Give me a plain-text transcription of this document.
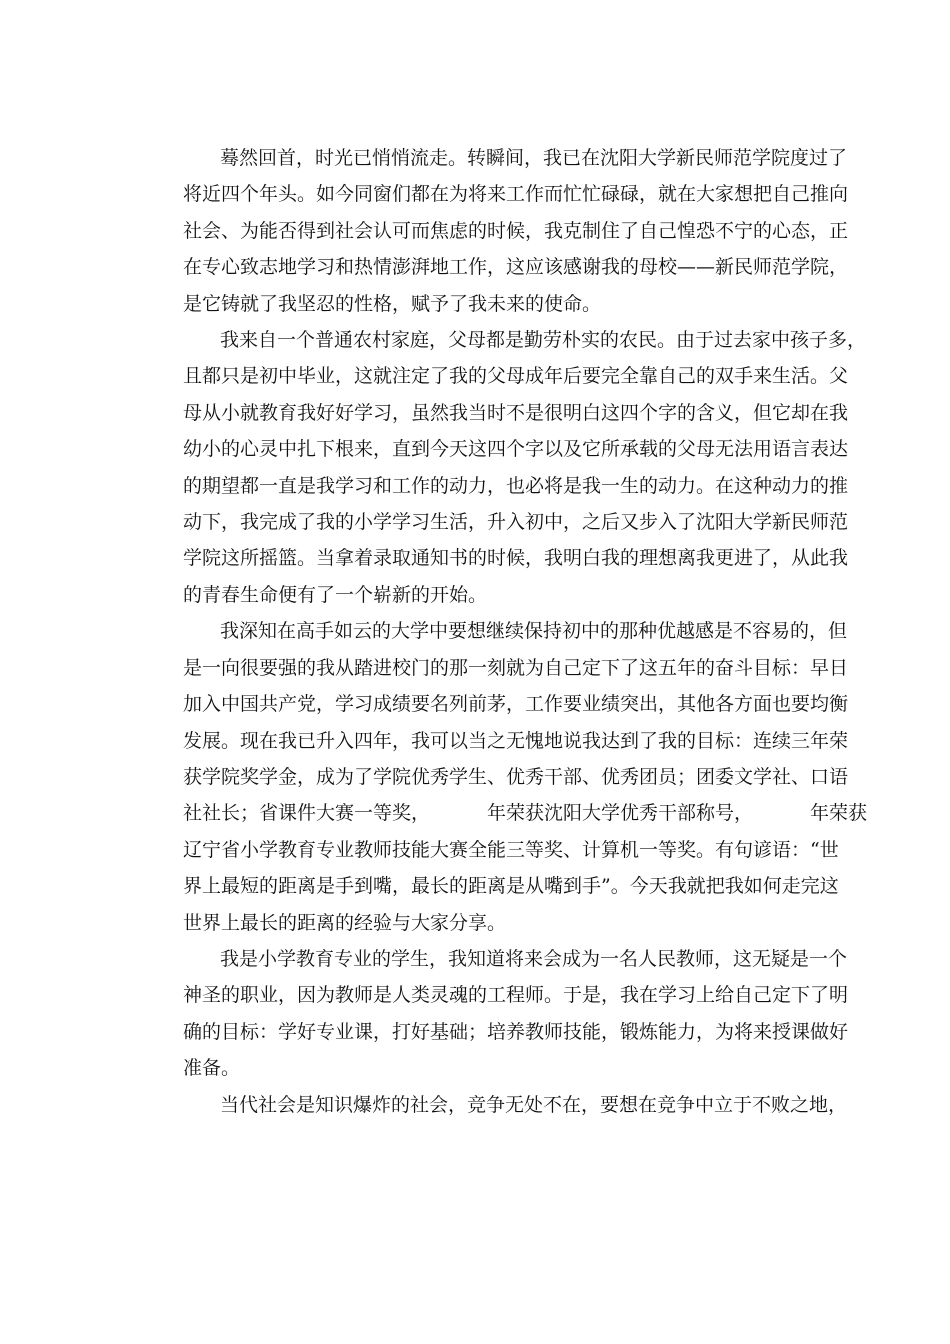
蓦然回首，时光已悄悄流走。转瞬间，我已在沈阳大学新民师范学院度过了
将近四个年头。如今同窗们都在为将来工作而忙忙碌碌，就在大家想把自己推向
社会、为能否得到社会认可而焦虑的时候，我克制住了自己惶恐不宁的心态，正
在专心致志地学习和热情澎湃地工作，这应该感谢我的母校——新民师范学院，
是它铸就了我坚忍的性格，赋予了我未来的使命。
我来自一个普通农村家庭，父母都是勤劳朴实的农民。由于过去家中孩子多，
且都只是初中毕业，这就注定了我的父母成年后要完全靠自己的双手来生活。父
母从小就教育我好好学习，虽然我当时不是很明白这四个字的含义，但它却在我
幼小的心灵中扎下根来，直到今天这四个字以及它所承载的父母无法用语言表达
的期望都一直是我学习和工作的动力，也必将是我一生的动力。在这种动力的推
动下，我完成了我的小学学习生活，升入初中，之后又步入了沈阳大学新民师范
学院这所摇篮。当拿着录取通知书的时候，我明白我的理想离我更进了，从此我
的青春生命便有了一个崭新的开始。
我深知在高手如云的大学中要想继续保持初中的那种优越感是不容易的，但
是一向很要强的我从踏进校门的那一刻就为自己定下了这五年的奋斗目标：早日
加入中国共产党，学习成绩要名列前茅，工作要业绩突出，其他各方面也要均衡
发展。现在我已升入四年，我可以当之无愧地说我达到了我的目标：连续三年荣
获学院奖学金，成为了学院优秀学生、优秀干部、优秀团员；团委文学社、口语
社社长；省课件大赛一等奖，	年荣获沈阳大学优秀干部称号，	年荣获
辽宁省小学教育专业教师技能大赛全能三等奖、计算机一等奖。有句谚语：“世
界上最短的距离是手到嘴，最长的距离是从嘴到手”。今天我就把我如何走完这
世界上最长的距离的经验与大家分享。
我是小学教育专业的学生，我知道将来会成为一名人民教师，这无疑是一个
神圣的职业，因为教师是人类灵魂的工程师。于是，我在学习上给自己定下了明
确的目标：学好专业课，打好基础；培养教师技能，锻炼能力，为将来授课做好
准备。
当代社会是知识爆炸的社会，竞争无处不在，要想在竞争中立于不败之地，
